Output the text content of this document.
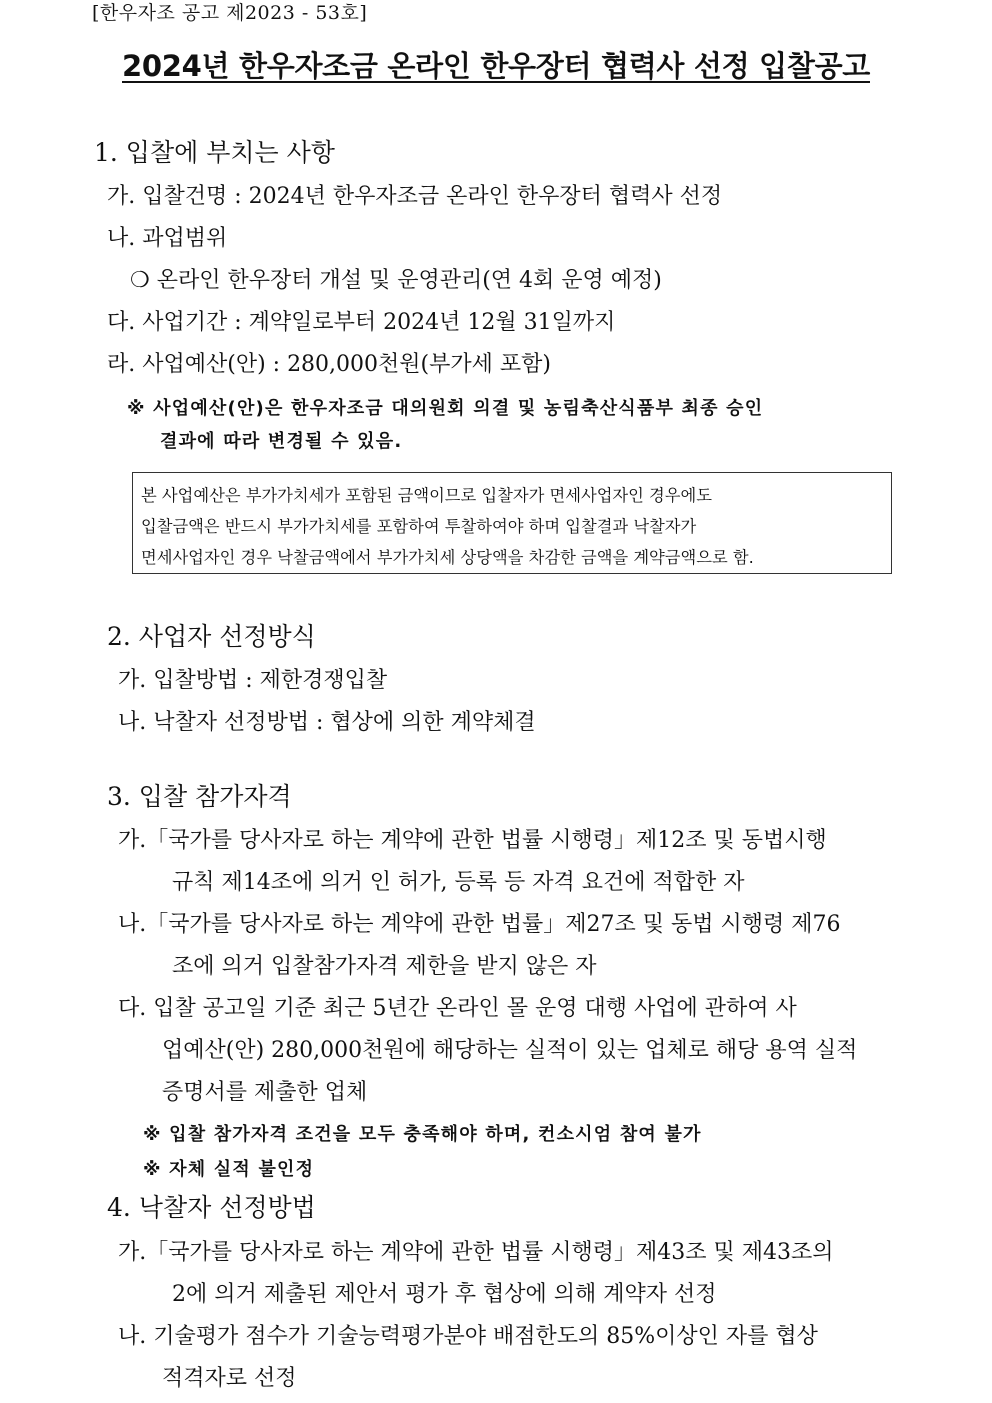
[한우자조 공고 제2023 - 53호]
2024년 한우자조금 온라인 한우장터 협력사 선정 입찰공고
1. 입찰에 부치는 사항
가. 입찰건명 : 2024년 한우자조금 온라인 한우장터 협력사 선정
나. 과업범위
❍ 온라인 한우장터 개설 및 운영관리(연 4회 운영 예정)
다. 사업기간 : 계약일로부터 2024년 12월 31일까지
라. 사업예산(안) : 280,000천원(부가세 포함)
※ 사업예산(안)은 한우자조금 대의원회 의결 및 농림축산식품부 최종 승인
결과에 따라 변경될 수 있음.
본 사업예산은 부가가치세가 포함된 금액이므로 입찰자가 면세사업자인 경우에도
입찰금액은 반드시 부가가치세를 포함하여 투찰하여야 하며 입찰결과 낙찰자가
면세사업자인 경우 낙찰금액에서 부가가치세 상당액을 차감한 금액을 계약금액으로 함.
2. 사업자 선정방식
가. 입찰방법 : 제한경쟁입찰
나. 낙찰자 선정방법 : 협상에 의한 계약체결
3. 입찰 참가자격
가.「국가를 당사자로 하는 계약에 관한 법률 시행령」제12조 및 동법시행
규칙 제14조에 의거 인 허가, 등록 등 자격 요건에 적합한 자
나.「국가를 당사자로 하는 계약에 관한 법률」제27조 및 동법 시행령 제76
조에 의거 입찰참가자격 제한을 받지 않은 자
다. 입찰 공고일 기준 최근 5년간 온라인 몰 운영 대행 사업에 관하여 사
업예산(안) 280,000천원에 해당하는 실적이 있는 업체로 해당 용역 실적
증명서를 제출한 업체
※ 입찰 참가자격 조건을 모두 충족해야 하며, 컨소시엄 참여 불가
※ 자체 실적 불인정
4. 낙찰자 선정방법
가.「국가를 당사자로 하는 계약에 관한 법률 시행령」제43조 및 제43조의
2에 의거 제출된 제안서 평가 후 협상에 의해 계약자 선정
나. 기술평가 점수가 기술능력평가분야 배점한도의 85%이상인 자를 협상
적격자로 선정
